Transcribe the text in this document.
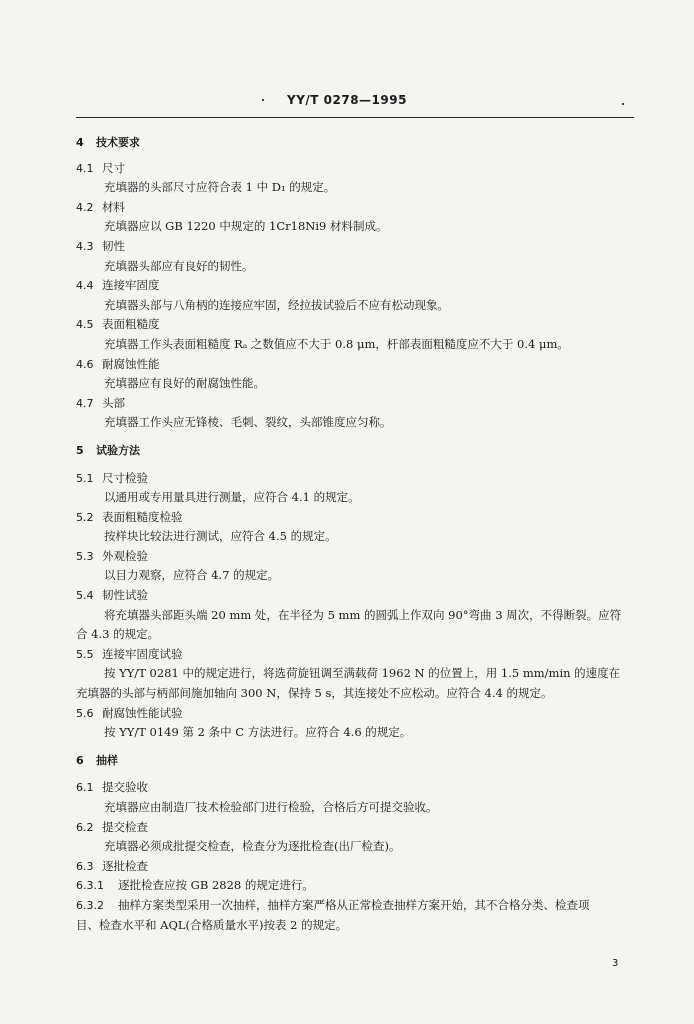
YY/T 0278—1995
4 技术要求
4.1 尺寸
充填器的头部尺寸应符合表 1 中 D₁ 的规定。
4.2 材料
充填器应以 GB 1220 中规定的 1Cr18Ni9 材料制成。
4.3 韧性
充填器头部应有良好的韧性。
4.4 连接牢固度
充填器头部与八角柄的连接应牢固，经拉拔试验后不应有松动现象。
4.5 表面粗糙度
充填器工作头表面粗糙度 Rₐ 之数值应不大于 0.8 μm，杆部表面粗糙度应不大于 0.4 μm。
4.6 耐腐蚀性能
充填器应有良好的耐腐蚀性能。
4.7 头部
充填器工作头应无锋棱、毛刺、裂纹，头部锥度应匀称。
5 试验方法
5.1 尺寸检验
以通用或专用量具进行测量，应符合 4.1 的规定。
5.2 表面粗糙度检验
按样块比较法进行测试，应符合 4.5 的规定。
5.3 外观检验
以目力观察，应符合 4.7 的规定。
5.4 韧性试验
将充填器头部距头端 20 mm 处，在半径为 5 mm 的圆弧上作双向 90°弯曲 3 周次，不得断裂。应符
合 4.3 的规定。
5.5 连接牢固度试验
按 YY/T 0281 中的规定进行，将选荷旋钮调至满载荷 1962 N 的位置上，用 1.5 mm/min 的速度在
充填器的头部与柄部间施加轴向 300 N，保持 5 s，其连接处不应松动。应符合 4.4 的规定。
5.6 耐腐蚀性能试验
按 YY/T 0149 第 2 条中 C 方法进行。应符合 4.6 的规定。
6 抽样
6.1 提交验收
充填器应由制造厂技术检验部门进行检验，合格后方可提交验收。
6.2 提交检查
充填器必须成批提交检查，检查分为逐批检查(出厂检查)。
6.3 逐批检查
6.3.1 逐批检查应按 GB 2828 的规定进行。
6.3.2 抽样方案类型采用一次抽样，抽样方案严格从正常检查抽样方案开始，其不合格分类、检查项
目、检查水平和 AQL(合格质量水平)按表 2 的规定。
3
